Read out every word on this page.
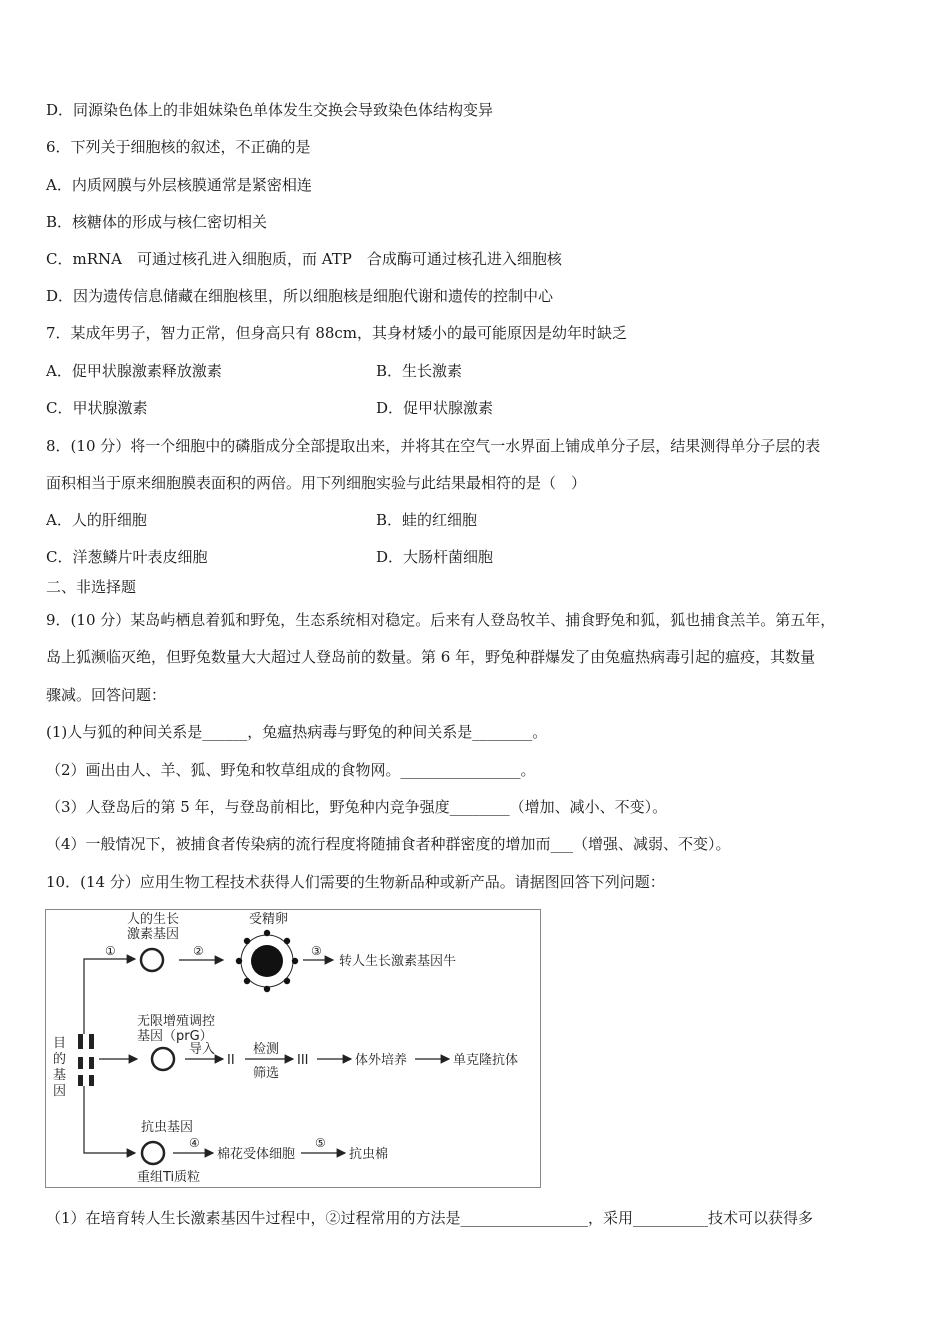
D．同源染色体上的非姐妹染色单体发生交换会导致染色体结构变异
6．下列关于细胞核的叙述，不正确的是
A．内质网膜与外层核膜通常是紧密相连
B．核糖体的形成与核仁密切相关
C．mRNA　可通过核孔进入细胞质，而 ATP　合成酶可通过核孔进入细胞核
D．因为遗传信息储藏在细胞核里，所以细胞核是细胞代谢和遗传的控制中心
7．某成年男子，智力正常，但身高只有 88cm，其身材矮小的最可能原因是幼年时缺乏
A．促甲状腺激素释放激素	B．生长激素
C．甲状腺激素	D．促甲状腺激素
8．(10 分）将一个细胞中的磷脂成分全部提取出来，并将其在空气一水界面上铺成单分子层，结果测得单分子层的表
面积相当于原来细胞膜表面积的两倍。用下列细胞实验与此结果最相符的是（　）
A．人的肝细胞	B．蛙的红细胞
C．洋葱鳞片叶表皮细胞	D．大肠杆菌细胞
二、非选择题
9．(10 分）某岛屿栖息着狐和野兔，生态系统相对稳定。后来有人登岛牧羊、捕食野兔和狐，狐也捕食羔羊。第五年，
岛上狐濒临灭绝，但野兔数量大大超过人登岛前的数量。第 6 年，野兔种群爆发了由兔瘟热病毒引起的瘟疫，其数量
骤减。回答问题：
(1)人与狐的种间关系是______，兔瘟热病毒与野兔的种间关系是________。
（2）画出由人、羊、狐、野兔和牧草组成的食物网。________________。
（3）人登岛后的第 5 年，与登岛前相比，野兔种内竞争强度________（增加、减小、不变）。
（4）一般情况下，被捕食者传染病的流行程度将随捕食者种群密度的增加而___（增强、减弱、不变）。
10．(14 分）应用生物工程技术获得人们需要的生物新品种或新产品。请据图回答下列问题：
目
的
基
因
①
人的生长
激素基因
②
受精卵
③
转人生长激素基因牛
无限增殖调控
基因（prG）
导入
II
检测
筛选
III	体外培养	单克隆抗体
抗虫基因
重组Ti质粒
④
棉花受体细胞
⑤
抗虫棉
（1）在培育转人生长激素基因牛过程中，②过程常用的方法是_________________，采用__________技术可以获得多
